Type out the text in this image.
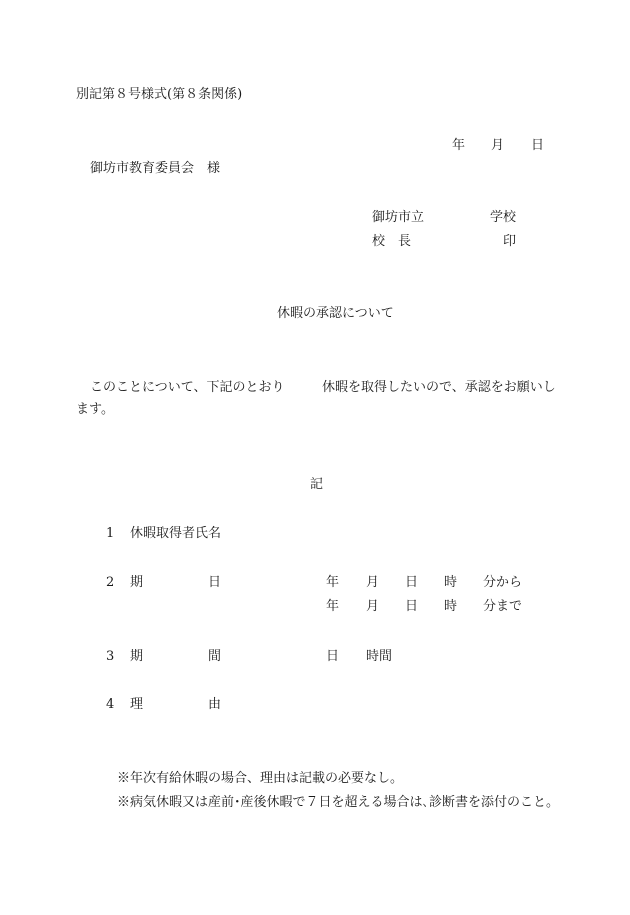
別記第８号様式(第８条関係)
年 月 日
御坊市教育委員会　様
御坊市立	学校
校　長	印
休暇の承認について
このことについて、下記のとおり	休暇を取得したいので、承認をお願いし
ます。
記
1 休暇取得者氏名
2 期	日	年 月 日 時 分から
年 月 日 時 分まで
3 期	間	日 時間
4 理	由
※年次有給休暇の場合、理由は記載の必要なし。
※病気休暇又は産前･産後休暇で７日を超える場合は､診断書を添付のこと。
